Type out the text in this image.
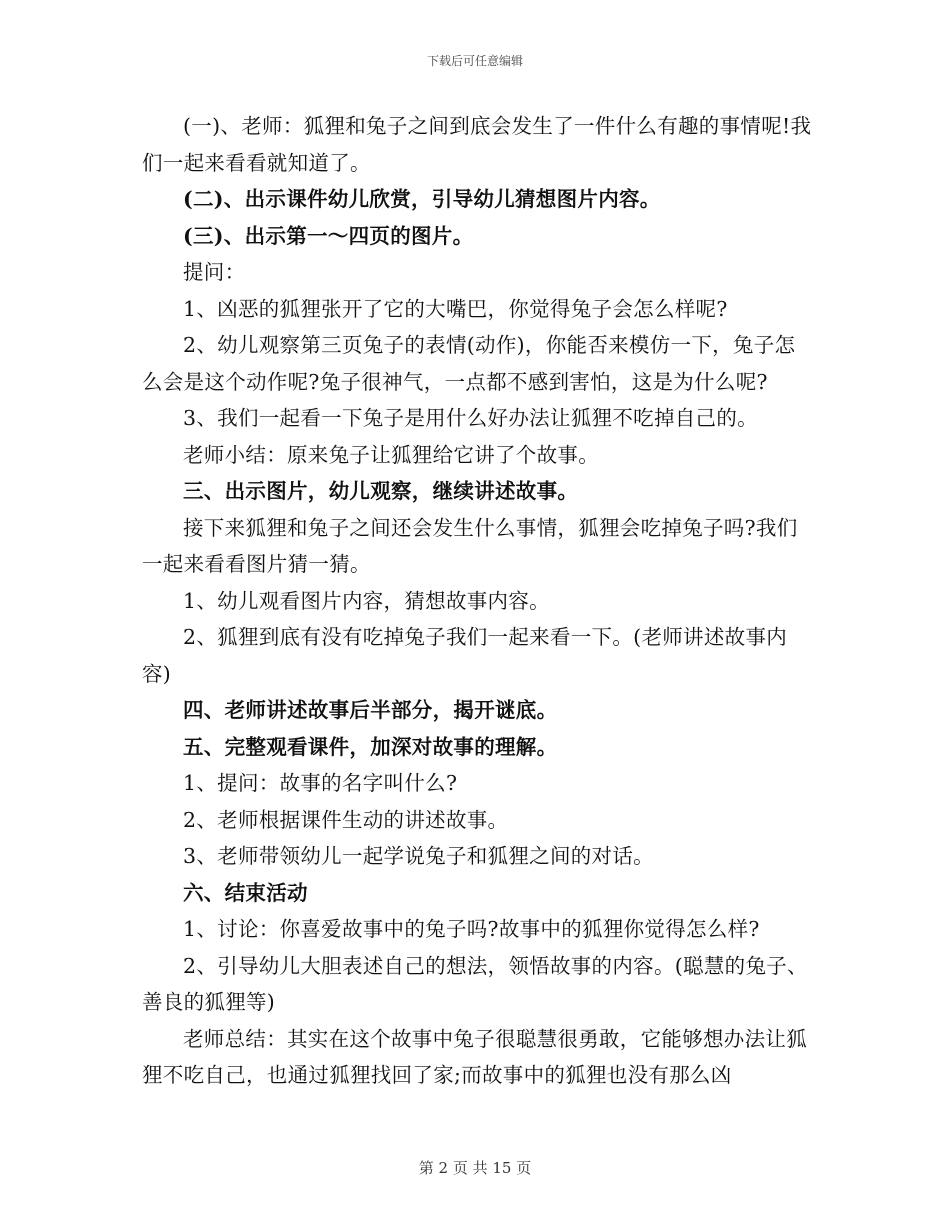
下载后可任意编辑

(一)、老师：狐狸和兔子之间到底会发生了一件什么有趣的事情呢!我们一起来看看就知道了。

(二)、出示课件幼儿欣赏，引导幼儿猜想图片内容。

(三)、出示第一～四页的图片。

提问：

1、凶恶的狐狸张开了它的大嘴巴，你觉得兔子会怎么样呢?

2、幼儿观察第三页兔子的表情(动作)，你能否来模仿一下，兔子怎么会是这个动作呢?兔子很神气，一点都不感到害怕，这是为什么呢?

3、我们一起看一下兔子是用什么好办法让狐狸不吃掉自己的。

老师小结：原来兔子让狐狸给它讲了个故事。

三、出示图片，幼儿观察，继续讲述故事。

接下来狐狸和兔子之间还会发生什么事情，狐狸会吃掉兔子吗?我们一起来看看图片猜一猜。

1、幼儿观看图片内容，猜想故事内容。

2、狐狸到底有没有吃掉兔子我们一起来看一下。(老师讲述故事内容)

四、老师讲述故事后半部分，揭开谜底。

五、完整观看课件，加深对故事的理解。

1、提问：故事的名字叫什么?

2、老师根据课件生动的讲述故事。

3、老师带领幼儿一起学说兔子和狐狸之间的对话。

六、结束活动

1、讨论：你喜爱故事中的兔子吗?故事中的狐狸你觉得怎么样?

2、引导幼儿大胆表述自己的想法，领悟故事的内容。(聪慧的兔子、善良的狐狸等)

老师总结：其实在这个故事中兔子很聪慧很勇敢，它能够想办法让狐狸不吃自己，也通过狐狸找回了家;而故事中的狐狸也没有那么凶

第 2 页 共 15 页
